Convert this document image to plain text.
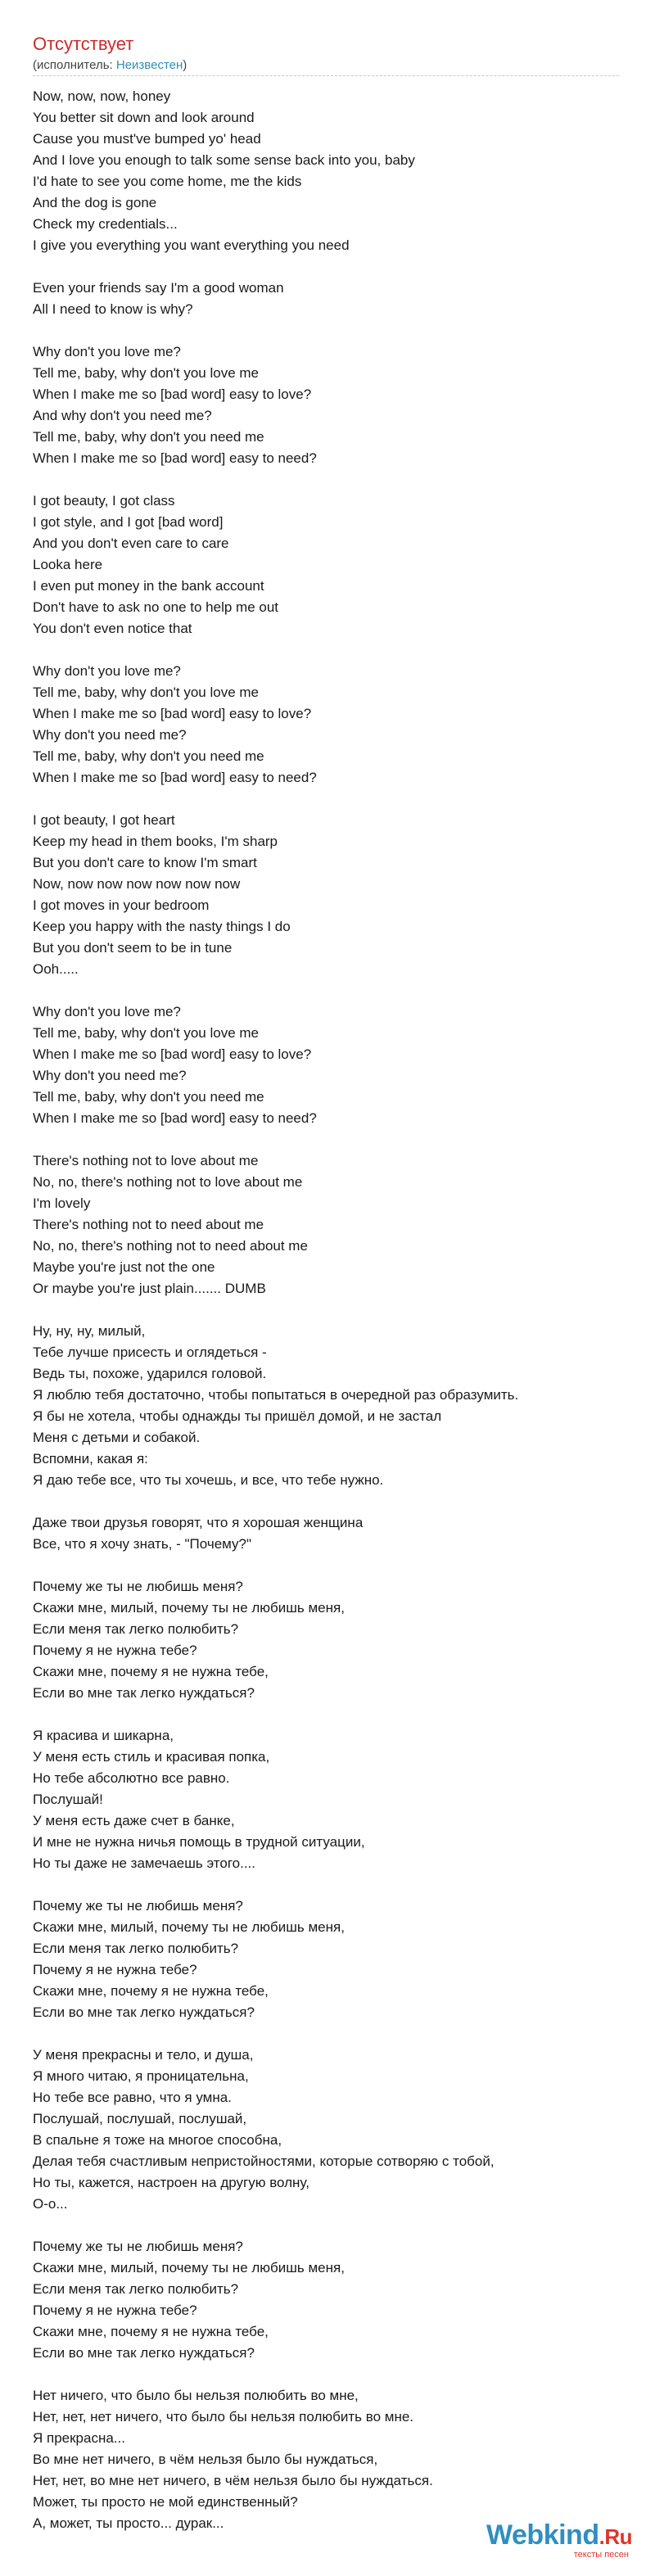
Отсутствует
(исполнитель: Неизвестен)
Now, now, now, honey
You better sit down and look around
Cause you must've bumped yo' head
And I love you enough to talk some sense back into you, baby
I'd hate to see you come home, me the kids
And the dog is gone
Check my credentials...
I give you everything you want everything you need
Even your friends say I'm a good woman
All I need to know is why?
Why don't you love me?
Tell me, baby, why don't you love me
When I make me so [bad word] easy to love?
And why don't you need me?
Tell me, baby, why don't you need me
When I make me so [bad word] easy to need?
I got beauty, I got class
I got style, and I got [bad word]
And you don't even care to care
Looka here
I even put money in the bank account
Don't have to ask no one to help me out
You don't even notice that
Why don't you love me?
Tell me, baby, why don't you love me
When I make me so [bad word] easy to love?
Why don't you need me?
Tell me, baby, why don't you need me
When I make me so [bad word] easy to need?
I got beauty, I got heart
Keep my head in them books, I'm sharp
But you don't care to know I'm smart
Now, now now now now now now
I got moves in your bedroom
Keep you happy with the nasty things I do
But you don't seem to be in tune
Ooh.....
Why don't you love me?
Tell me, baby, why don't you love me
When I make me so [bad word] easy to love?
Why don't you need me?
Tell me, baby, why don't you need me
When I make me so [bad word] easy to need?
There's nothing not to love about me
No, no, there's nothing not to love about me
I'm lovely
There's nothing not to need about me
No, no, there's nothing not to need about me
Maybe you're just not the one
Or maybe you're just plain....... DUMB
Ну, ну, ну, милый,
Тебе лучше присесть и оглядеться -
Ведь ты, похоже, ударился головой.
Я люблю тебя достаточно, чтобы попытаться в очередной раз образумить.
Я бы не хотела, чтобы однажды ты пришёл домой, и не застал
Меня с детьми и собакой.
Вспомни, какая я:
Я даю тебе все, что ты хочешь, и все, что тебе нужно.
Даже твои друзья говорят, что я хорошая женщина
Все, что я хочу знать, - "Почему?"
Почему же ты не любишь меня?
Скажи мне, милый, почему ты не любишь меня,
Если меня так легко полюбить?
Почему я не нужна тебе?
Скажи мне, почему я не нужна тебе,
Если во мне так легко нуждаться?
Я красива и шикарна,
У меня есть стиль и красивая попка,
Но тебе абсолютно все равно.
Послушай!
У меня есть даже счет в банке,
И мне не нужна ничья помощь в трудной ситуации,
Но ты даже не замечаешь этого....
Почему же ты не любишь меня?
Скажи мне, милый, почему ты не любишь меня,
Если меня так легко полюбить?
Почему я не нужна тебе?
Скажи мне, почему я не нужна тебе,
Если во мне так легко нуждаться?
У меня прекрасны и тело, и душа,
Я много читаю, я проницательна,
Но тебе все равно, что я умна.
Послушай, послушай, послушай,
В спальне я тоже на многое способна,
Делая тебя счастливым непристойностями, которые сотворяю с тобой,
Но ты, кажется, настроен на другую волну,
О-о...
Почему же ты не любишь меня?
Скажи мне, милый, почему ты не любишь меня,
Если меня так легко полюбить?
Почему я не нужна тебе?
Скажи мне, почему я не нужна тебе,
Если во мне так легко нуждаться?
Нет ничего, что было бы нельзя полюбить во мне,
Нет, нет, нет ничего, что было бы нельзя полюбить во мне.
Я прекрасна...
Во мне нет ничего, в чём нельзя было бы нуждаться,
Нет, нет, во мне нет ничего, в чём нельзя было бы нуждаться.
Может, ты просто не мой единственный?
А, может, ты просто... дурак...	Webkind.Ru
тексты песен
